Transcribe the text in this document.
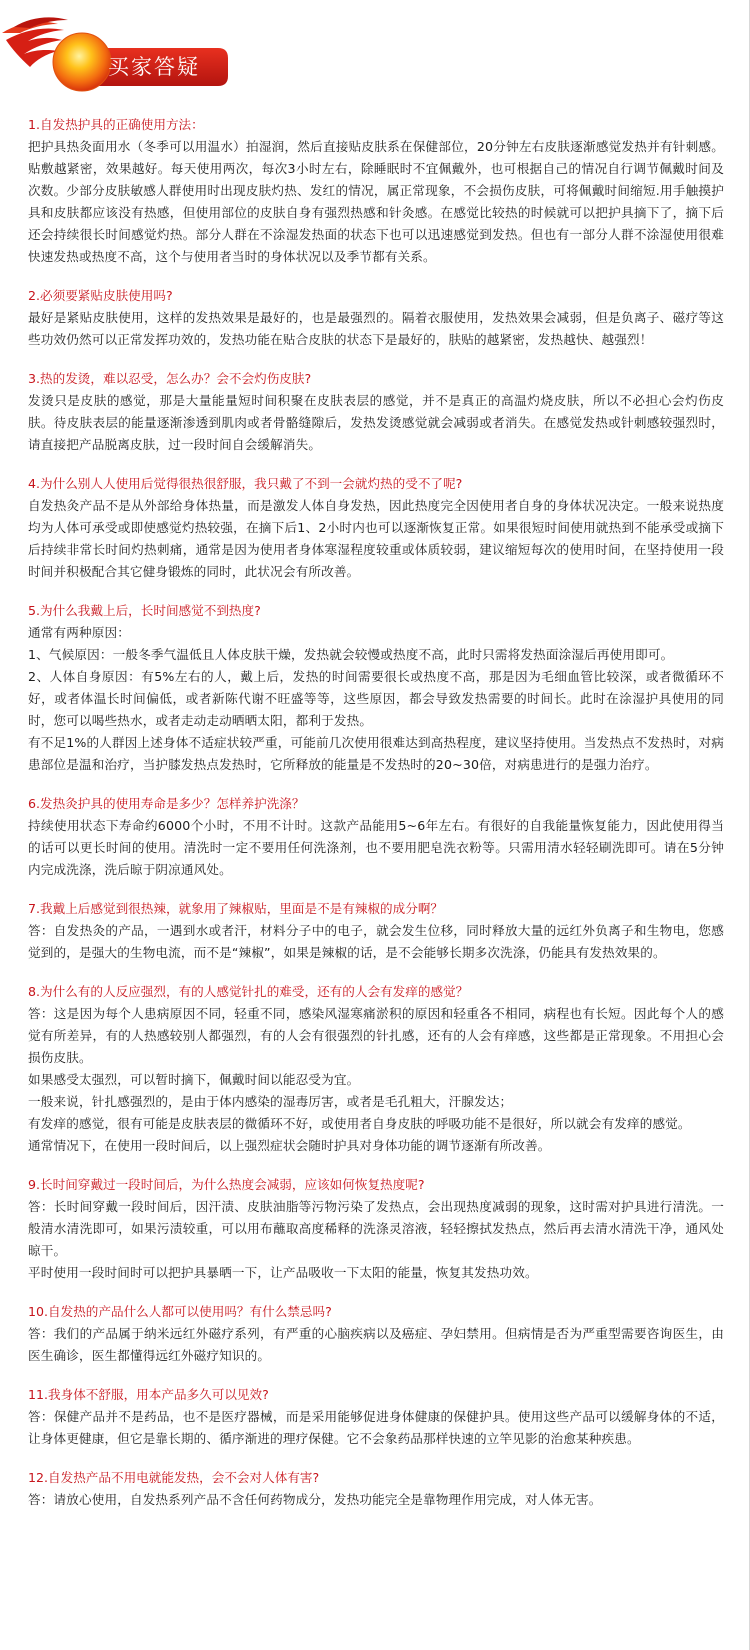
买家答疑
1.自发热护具的正确使用方法：

把护具热灸面用水（冬季可以用温水）拍湿润，然后直接贴皮肤系在保健部位，20分钟左右皮肤逐渐感觉发热并有针刺感。贴敷越紧密，效果越好。每天使用两次，每次3小时左右，除睡眠时不宜佩戴外，也可根据自己的情况自行调节佩戴时间及次数。少部分皮肤敏感人群使用时出现皮肤灼热、发红的情况，属正常现象，不会损伤皮肤，可将佩戴时间缩短.用手触摸护具和皮肤都应该没有热感，但使用部位的皮肤自身有强烈热感和针灸感。在感觉比较热的时候就可以把护具摘下了，摘下后还会持续很长时间感觉灼热。部分人群在不涂湿发热面的状态下也可以迅速感觉到发热。但也有一部分人群不涂湿使用很难快速发热或热度不高，这个与使用者当时的身体状况以及季节都有关系。

2.必须要紧贴皮肤使用吗?

最好是紧贴皮肤使用，这样的发热效果是最好的，也是最强烈的。隔着衣服使用，发热效果会减弱，但是负离子、磁疗等这些功效仍然可以正常发挥功效的，发热功能在贴合皮肤的状态下是最好的，肤贴的越紧密，发热越快、越强烈！

3.热的发烫，难以忍受，怎么办？会不会灼伤皮肤?

发烫只是皮肤的感觉，那是大量能量短时间积聚在皮肤表层的感觉，并不是真正的高温灼烧皮肤，所以不必担心会灼伤皮肤。待皮肤表层的能量逐渐渗透到肌肉或者骨骼缝隙后，发热发烫感觉就会减弱或者消失。在感觉发热或针刺感较强烈时，请直接把产品脱离皮肤，过一段时间自会缓解消失。

4.为什么别人人使用后觉得很热很舒服，我只戴了不到一会就灼热的受不了呢?

自发热灸产品不是从外部给身体热量，而是激发人体自身发热，因此热度完全因使用者自身的身体状况决定。一般来说热度均为人体可承受或即使感觉灼热较强，在摘下后1、2小时内也可以逐渐恢复正常。如果很短时间使用就热到不能承受或摘下后持续非常长时间灼热刺痛，通常是因为使用者身体寒湿程度较重或体质较弱，建议缩短每次的使用时间，在坚持使用一段时间并积极配合其它健身锻炼的同时，此状况会有所改善。

5.为什么我戴上后，长时间感觉不到热度?

通常有两种原因：

1、气候原因：一般冬季气温低且人体皮肤干燥，发热就会较慢或热度不高，此时只需将发热面涂湿后再使用即可。

2、人体自身原因：有5%左右的人，戴上后，发热的时间需要很长或热度不高，那是因为毛细血管比较深，或者微循环不好，或者体温长时间偏低，或者新陈代谢不旺盛等等，这些原因，都会导致发热需要的时间长。此时在涂湿护具使用的同时，您可以喝些热水，或者走动走动晒晒太阳，都利于发热。

有不足1%的人群因上述身体不适症状较严重，可能前几次使用很难达到高热程度，建议坚持使用。当发热点不发热时，对病患部位是温和治疗，当护膝发热点发热时，它所释放的能量是不发热时的20~30倍，对病患进行的是强力治疗。

6.发热灸护具的使用寿命是多少？怎样养护洗涤？

持续使用状态下寿命约6000个小时，不用不计时。这款产品能用5~6年左右。有很好的自我能量恢复能力，因此使用得当的话可以更长时间的使用。清洗时一定不要用任何洗涤剂，也不要用肥皂洗衣粉等。只需用清水轻轻刷洗即可。请在5分钟内完成洗涤，洗后晾于阴凉通风处。

7.我戴上后感觉到很热辣，就象用了辣椒贴，里面是不是有辣椒的成分啊？

答：自发热灸的产品，一遇到水或者汗，材料分子中的电子，就会发生位移，同时释放大量的远红外负离子和生物电，您感觉到的，是强大的生物电流，而不是“辣椒”，如果是辣椒的话，是不会能够长期多次洗涤，仍能具有发热效果的。

8.为什么有的人反应强烈，有的人感觉针扎的难受，还有的人会有发痒的感觉？

答：这是因为每个人患病原因不同，轻重不同，感染风湿寒痛淤积的原因和轻重各不相同，病程也有长短。因此每个人的感觉有所差异，有的人热感较别人都强烈，有的人会有很强烈的针扎感，还有的人会有痒感，这些都是正常现象。不用担心会损伤皮肤。

如果感受太强烈，可以暂时摘下，佩戴时间以能忍受为宜。

一般来说，针扎感强烈的，是由于体内感染的湿毒厉害，或者是毛孔粗大，汗腺发达；

有发痒的感觉，很有可能是皮肤表层的微循环不好，或使用者自身皮肤的呼吸功能不是很好，所以就会有发痒的感觉。

通常情况下，在使用一段时间后，以上强烈症状会随时护具对身体功能的调节逐渐有所改善。

9.长时间穿戴过一段时间后，为什么热度会减弱，应该如何恢复热度呢?

答：长时间穿戴一段时间后，因汗渍、皮肤油脂等污物污染了发热点，会出现热度减弱的现象，这时需对护具进行清洗。一般清水清洗即可，如果污渍较重，可以用布蘸取高度稀释的洗涤灵溶液，轻轻擦拭发热点，然后再去清水清洗干净，通风处晾干。

平时使用一段时间时可以把护具暴晒一下，让产品吸收一下太阳的能量，恢复其发热功效。

10.自发热的产品什么人都可以使用吗？有什么禁忌吗?

答：我们的产品属于纳米远红外磁疗系列，有严重的心脑疾病以及癌症、孕妇禁用。但病情是否为严重型需要咨询医生，由医生确诊，医生都懂得远红外磁疗知识的。

11.我身体不舒服，用本产品多久可以见效?

答：保健产品并不是药品，也不是医疗器械，而是采用能够促进身体健康的保健护具。使用这些产品可以缓解身体的不适，让身体更健康，但它是靠长期的、循序渐进的理疗保健。它不会象药品那样快速的立竿见影的治愈某种疾患。

12.自发热产品不用电就能发热，会不会对人体有害?

答：请放心使用，自发热系列产品不含任何药物成分，发热功能完全是靠物理作用完成，对人体无害。
